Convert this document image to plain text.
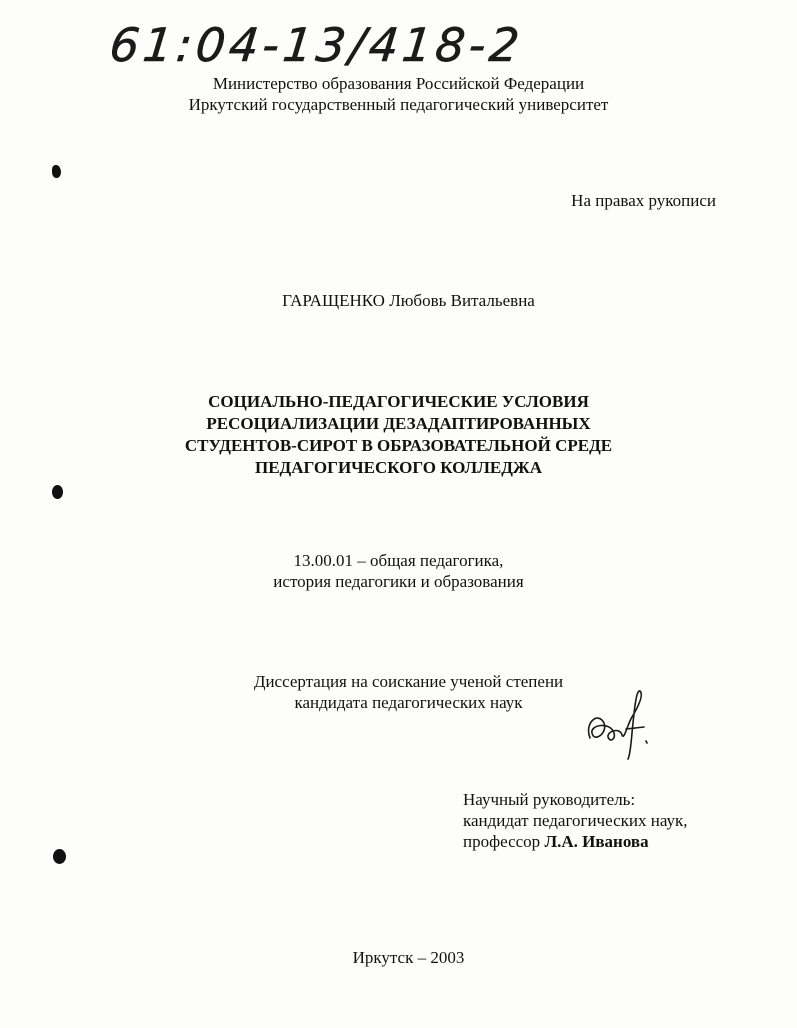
61:04-13/418-2
Министерство образования Российской Федерации
Иркутский государственный педагогический университет
На правах рукописи
ГАРАЩЕНКО Любовь Витальевна
СОЦИАЛЬНО-ПЕДАГОГИЧЕСКИЕ УСЛОВИЯ
РЕСОЦИАЛИЗАЦИИ ДЕЗАДАПТИРОВАННЫХ
СТУДЕНТОВ-СИРОТ В ОБРАЗОВАТЕЛЬНОЙ СРЕДЕ
ПЕДАГОГИЧЕСКОГО КОЛЛЕДЖА
13.00.01 – общая педагогика,
история педагогики и образования
Диссертация на соискание ученой степени
кандидата педагогических наук
Научный руководитель:
кандидат педагогических наук,
профессор Л.А. Иванова
Иркутск – 2003
